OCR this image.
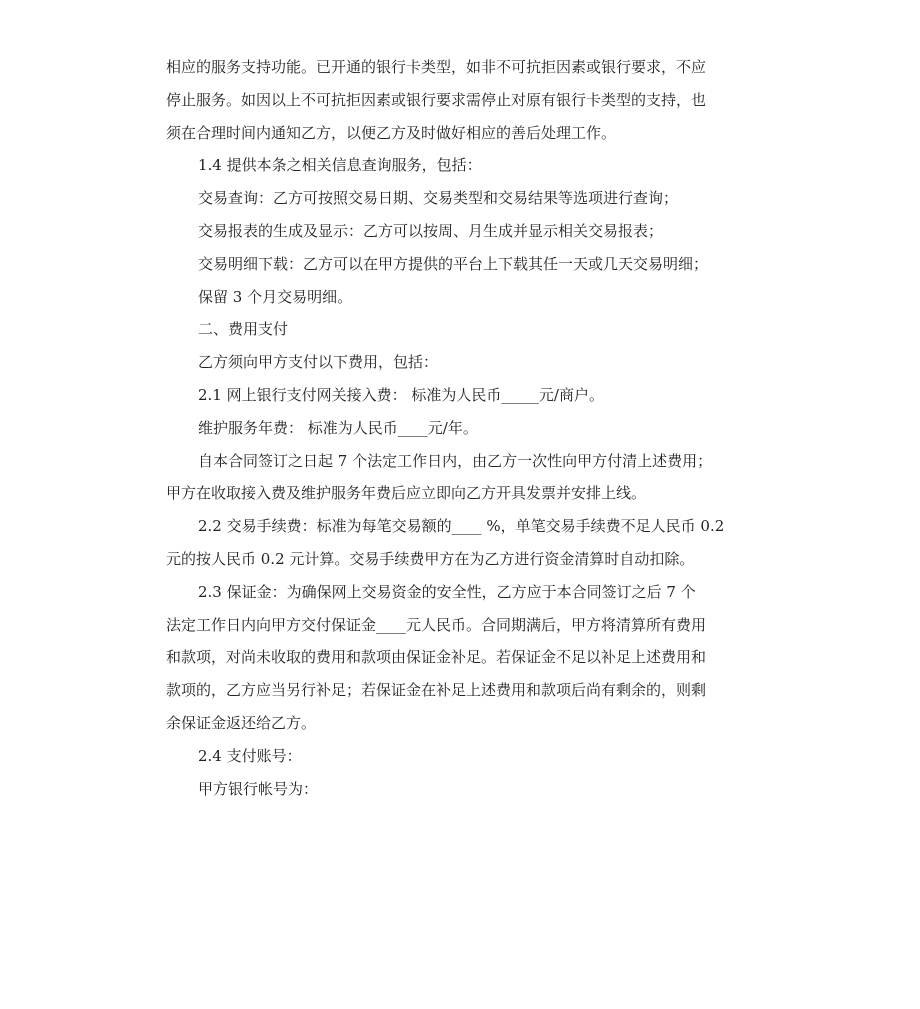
相应的服务支持功能。已开通的银行卡类型，如非不可抗拒因素或银行要求，不应
停止服务。如因以上不可抗拒因素或银行要求需停止对原有银行卡类型的支持，也
须在合理时间内通知乙方，以便乙方及时做好相应的善后处理工作。
1.4 提供本条之相关信息查询服务，包括：
交易查询：乙方可按照交易日期、交易类型和交易结果等选项进行查询；
交易报表的生成及显示：乙方可以按周、月生成并显示相关交易报表；
交易明细下载：乙方可以在甲方提供的平台上下载其任一天或几天交易明细；
保留 3 个月交易明细。
二、费用支付
乙方须向甲方支付以下费用，包括：
2.1 网上银行支付网关接入费： 标准为人民币_____元/商户。
维护服务年费： 标准为人民币____元/年。
自本合同签订之日起 7 个法定工作日内，由乙方一次性向甲方付清上述费用；
甲方在收取接入费及维护服务年费后应立即向乙方开具发票并安排上线。
2.2 交易手续费：标准为每笔交易额的____ %，单笔交易手续费不足人民币 0.2
元的按人民币 0.2 元计算。交易手续费甲方在为乙方进行资金清算时自动扣除。
2.3 保证金：为确保网上交易资金的安全性，乙方应于本合同签订之后 7 个
法定工作日内向甲方交付保证金____元人民币。合同期满后，甲方将清算所有费用
和款项，对尚未收取的费用和款项由保证金补足。若保证金不足以补足上述费用和
款项的，乙方应当另行补足；若保证金在补足上述费用和款项后尚有剩余的，则剩
余保证金返还给乙方。
2.4 支付账号：
甲方银行帐号为：
